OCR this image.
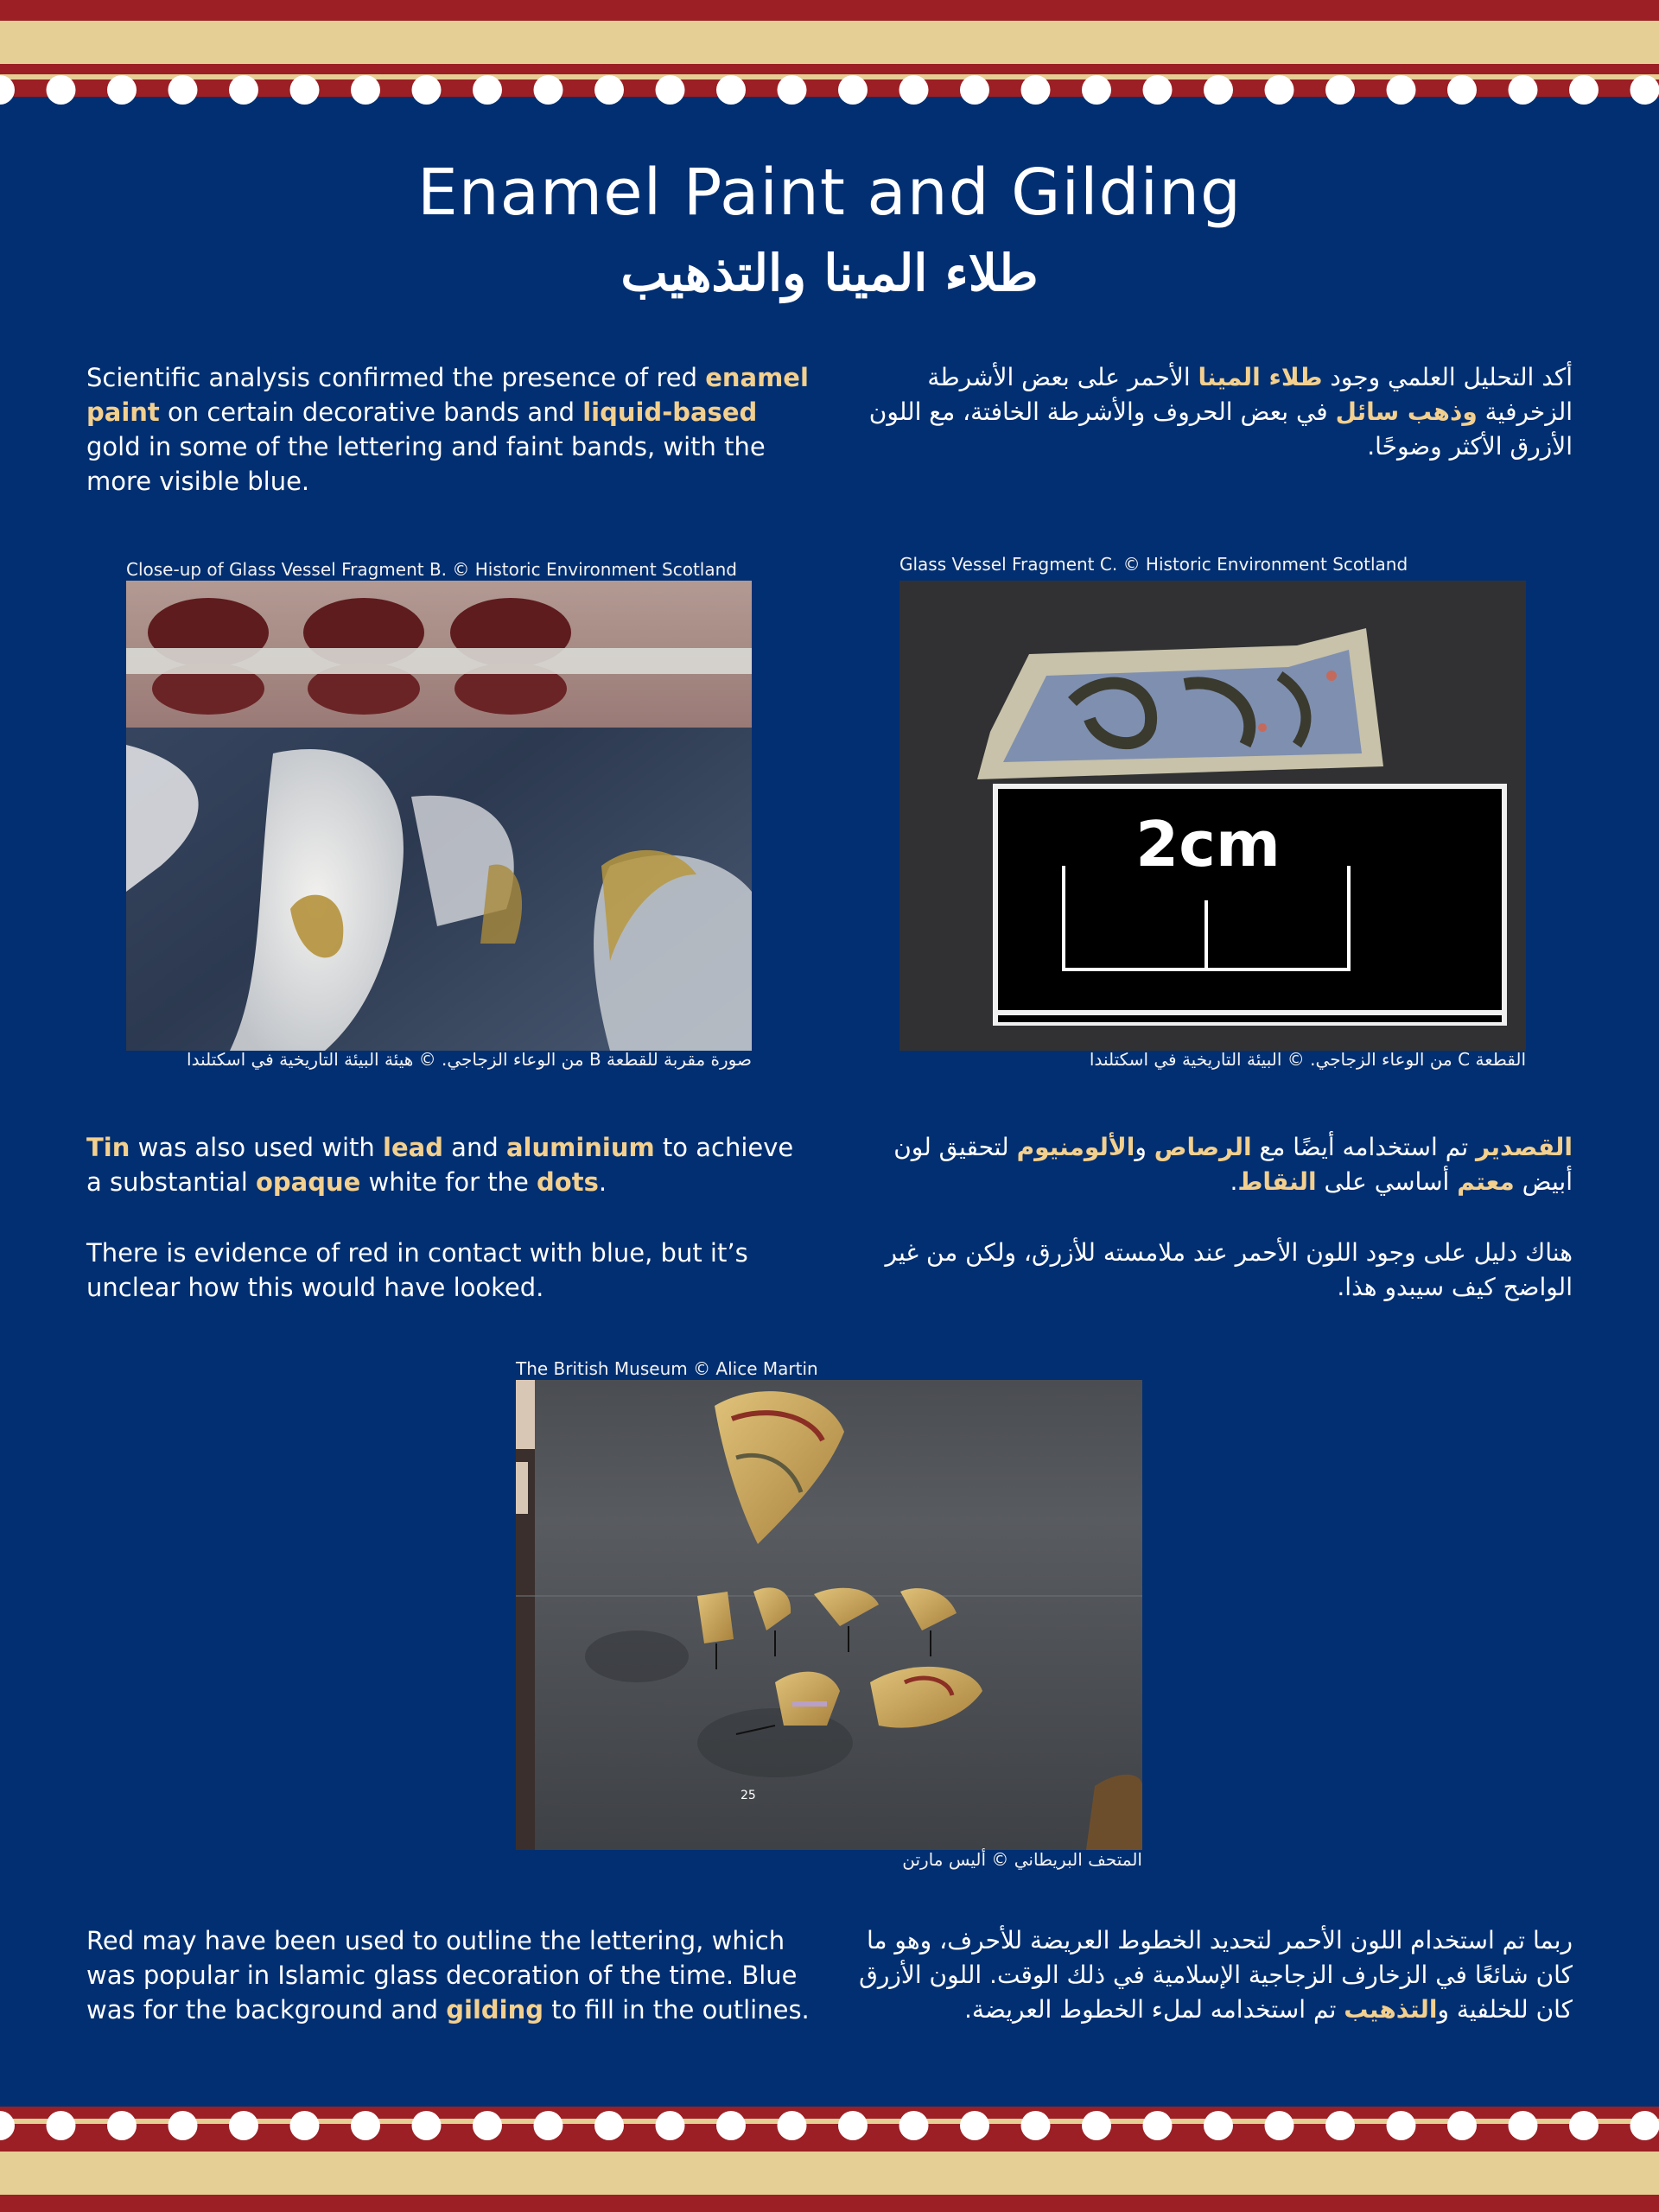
Enamel Paint and Gilding
طلاء المينا والتذهيب

Scientific analysis confirmed the presence of red enamel paint on certain decorative bands and liquid-based gold in some of the lettering and faint bands, with the more visible blue.

أكد التحليل العلمي وجود طلاء المينا الأحمر على بعض الأشرطة الزخرفية وذهب سائل في بعض الحروف والأشرطة الخافتة، مع اللون الأزرق الأكثر وضوحًا.

Close-up of Glass Vessel Fragment B. © Historic Environment Scotland
صورة مقربة للقطعة B من الوعاء الزجاجي. © هيئة البيئة التاريخية في اسكتلندا
Glass Vessel Fragment C. © Historic Environment Scotland
2cm
القطعة C من الوعاء الزجاجي. © البيئة التاريخية في اسكتلندا

Tin was also used with lead and aluminium to achieve a substantial opaque white for the dots.

القصدير تم استخدامه أيضًا مع الرصاص والألومنيوم لتحقيق لون أبيض معتم أساسي على النقاط.

There is evidence of red in contact with blue, but it’s unclear how this would have looked.

هناك دليل على وجود اللون الأحمر عند ملامسته للأزرق، ولكن من غير الواضح كيف سيبدو هذا.

The British Museum © Alice Martin
25
المتحف البريطاني © أليس مارتن

Red may have been used to outline the lettering, which was popular in Islamic glass decoration of the time. Blue was for the background and gilding to fill in the outlines.

ربما تم استخدام اللون الأحمر لتحديد الخطوط العريضة للأحرف، وهو ما كان شائعًا في الزخارف الزجاجية الإسلامية في ذلك الوقت. اللون الأزرق كان للخلفية والتذهيب تم استخدامه لملء الخطوط العريضة.
